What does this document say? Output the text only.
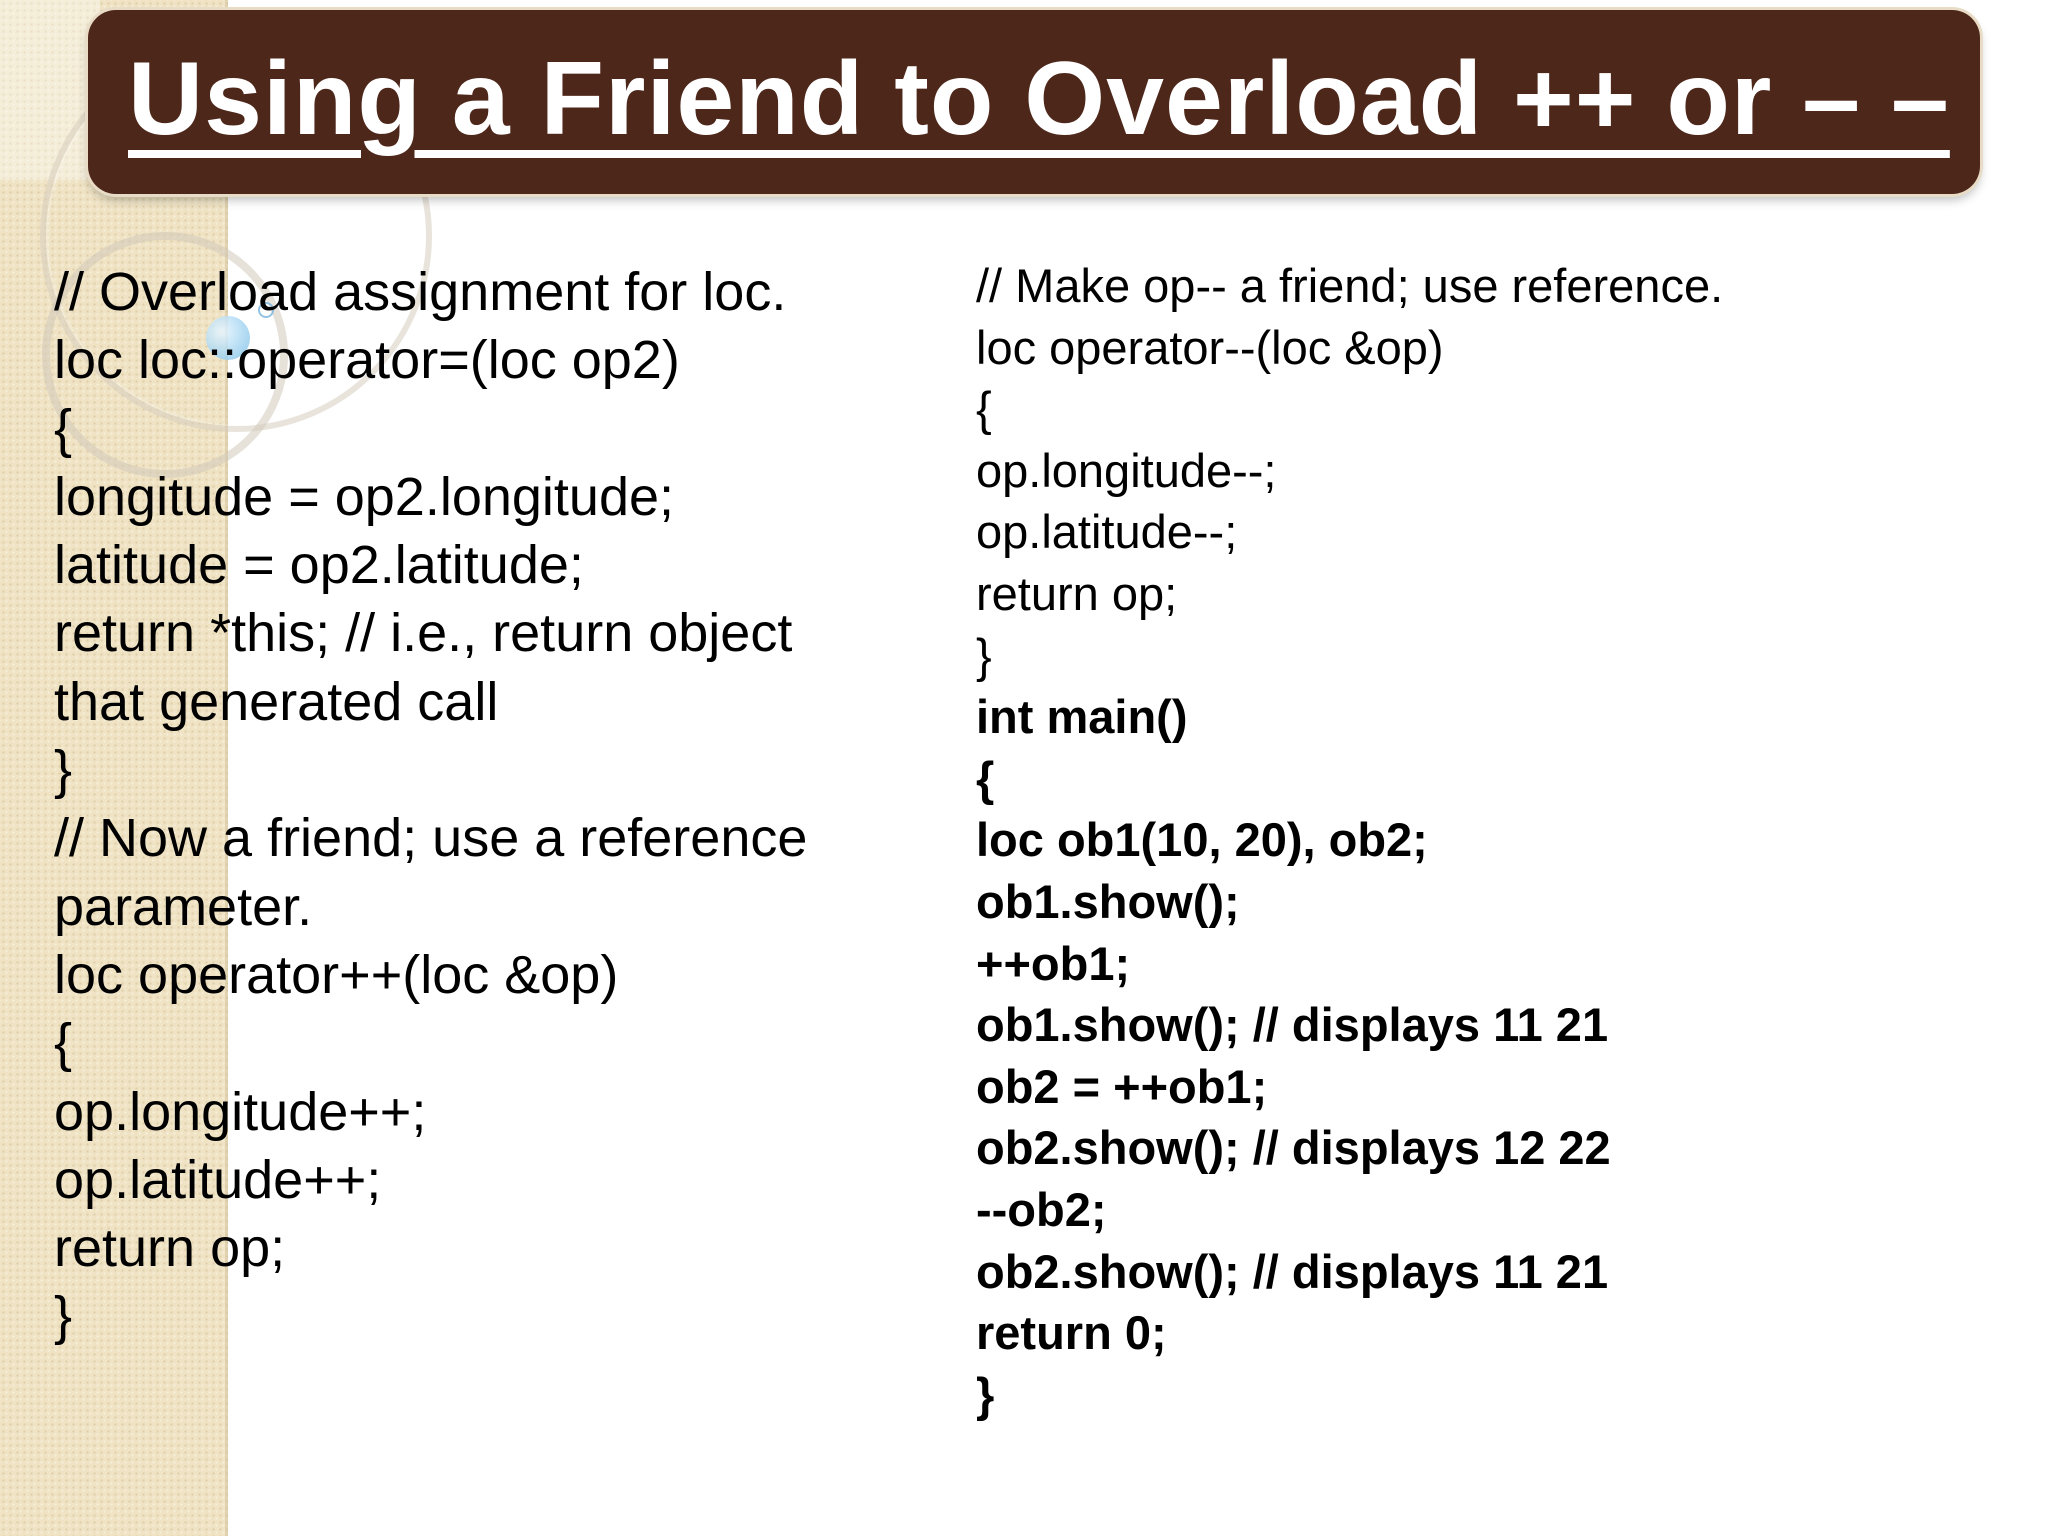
Using a Friend to Overload ++ or – –
// Overload assignment for loc.
loc loc::operator=(loc op2)
{
longitude = op2.longitude;
latitude = op2.latitude;
return *this; // i.e., return object
that generated call
}
// Now a friend; use a reference
parameter.
loc operator++(loc &op)
{
op.longitude++;
op.latitude++;
return op;
}
// Make op-- a friend; use reference.
loc operator--(loc &op)
{
op.longitude--;
op.latitude--;
return op;
}
int main()
{
loc ob1(10, 20), ob2;
ob1.show();
++ob1;
ob1.show(); // displays 11 21
ob2 = ++ob1;
ob2.show(); // displays 12 22
--ob2;
ob2.show(); // displays 11 21
return 0;
}
